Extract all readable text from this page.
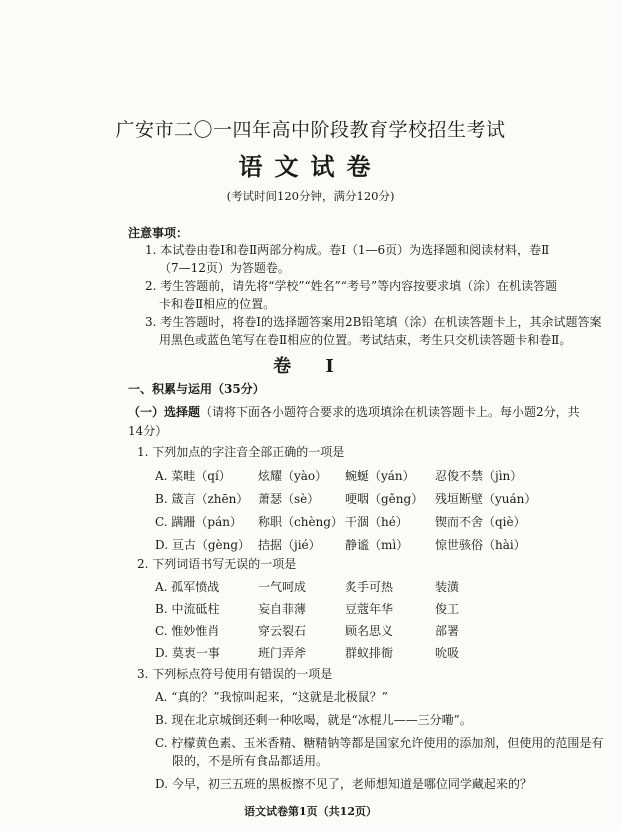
广安市二〇一四年高中阶段教育学校招生考试
语文试卷
(考试时间120分钟，满分120分)
注意事项：
1. 本试卷由卷Ⅰ和卷Ⅱ两部分构成。卷Ⅰ（1—6页）为选择题和阅读材料，卷Ⅱ
（7—12页）为答题卷。
2. 考生答题前，请先将“学校”“姓名”“考号”等内容按要求填（涂）在机读答题
卡和卷Ⅱ相应的位置。
3. 考生答题时，将卷Ⅰ的选择题答案用2B铅笔填（涂）在机读答题卡上，其余试题答案
用黑色或蓝色笔写在卷Ⅱ相应的位置。考试结束，考生只交机读答题卡和卷Ⅱ。
卷 Ⅰ
一、积累与运用（35分）
（一）选择题（请将下面各小题符合要求的选项填涂在机读答题卡上。每小题2分，共
14分）
1. 下列加点的字注音全部正确的一项是
A. 菜畦（qí） 炫耀（yào） 蜿蜒（yán） 忍俊不禁（jìn）
B. 箴言（zhēn） 萧瑟（sè） 哽咽（gěng） 残垣断壁（yuán）
C. 蹒跚（pán） 称职（chèng） 干涸（hé） 锲而不舍（qiè）
D. 亘古（gèng） 拮据（jié） 静谧（mì） 惊世骇俗（hài）
2. 下列词语书写无误的一项是
A. 孤军愤战	一气呵成	炙手可热	装潢
B. 中流砥柱	妄自菲薄	豆蔻年华	俊工
C. 惟妙惟肖	穿云裂石	顾名思义	部署
D. 莫衷一事	班门弄斧	群蚁排衙	吮吸
3. 下列标点符号使用有错误的一项是
A. “真的？”我惊叫起来，“这就是北极鼠？”
B. 现在北京城倒还剩一种吆喝，就是“冰棍儿——三分嘞”。
C. 柠檬黄色素、玉米香精、糖精钠等都是国家允许使用的添加剂，但使用的范围是有
限的，不是所有食品都适用。
D. 今早，初三五班的黑板擦不见了，老师想知道是哪位同学藏起来的？
语文试卷第1页（共12页）
